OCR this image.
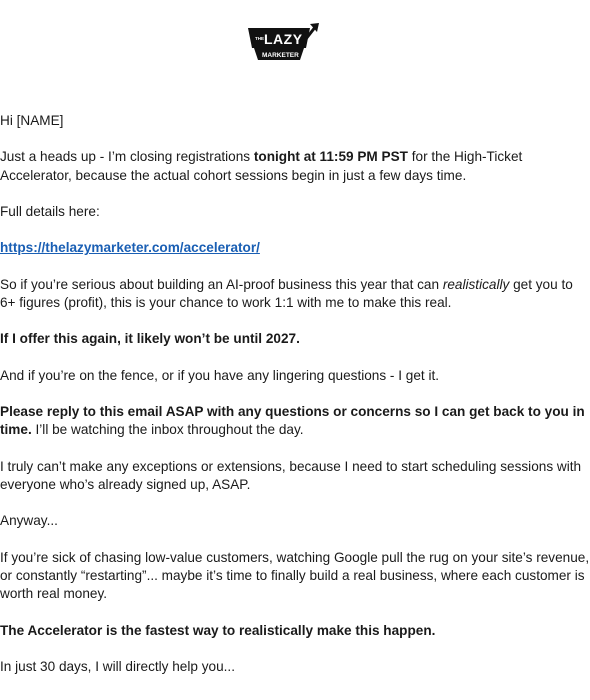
THE LAZY
MARKETER

Hi [NAME]

Just a heads up - I’m closing registrations tonight at 11:59 PM PST for the High-Ticket Accelerator, because the actual cohort sessions begin in just a few days time.

Full details here:

https://thelazymarketer.com/accelerator/

So if you’re serious about building an AI-proof business this year that can realistically get you to 6+ figures (profit), this is your chance to work 1:1 with me to make this real.

If I offer this again, it likely won’t be until 2027.

And if you’re on the fence, or if you have any lingering questions - I get it.

Please reply to this email ASAP with any questions or concerns so I can get back to you in time. I’ll be watching the inbox throughout the day.

I truly can’t make any exceptions or extensions, because I need to start scheduling sessions with everyone who’s already signed up, ASAP.

Anyway...

If you’re sick of chasing low-value customers, watching Google pull the rug on your site’s revenue, or constantly “restarting”... maybe it’s time to finally build a real business, where each customer is worth real money.

The Accelerator is the fastest way to realistically make this happen.

In just 30 days, I will directly help you...
